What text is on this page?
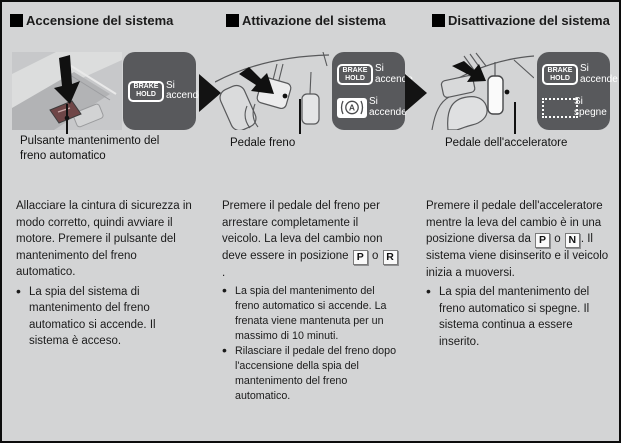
Accensione del sistema
BRAKE
HOLD
Si
accende
Pulsante mantenimento del freno automatico
Attivazione del sistema
BRAKE
HOLD
Si
accende
A
Si
accende
Pedale freno
Disattivazione del sistema
BRAKE
HOLD
Si
accende
Si
spegne
Pedale dell'acceleratore

Allacciare la cintura di sicurezza in modo corretto, quindi avviare il motore. Premere il pulsante del mantenimento del freno automatico.

• La spia del sistema di mantenimento del freno automatico si accende. Il sistema è acceso.

Premere il pedale del freno per arrestare completamente il veicolo. La leva del cambio non deve essere in posizione P o R.

• La spia del mantenimento del freno automatico si accende. La frenata viene mantenuta per un massimo di 10 minuti.
• Rilasciare il pedale del freno dopo l'accensione della spia del mantenimento del freno automatico.

Premere il pedale dell'acceleratore mentre la leva del cambio è in una posizione diversa da P o N . Il sistema viene disinserito e il veicolo inizia a muoversi.

• La spia del mantenimento del freno automatico si spegne. Il sistema continua a essere inserito.
